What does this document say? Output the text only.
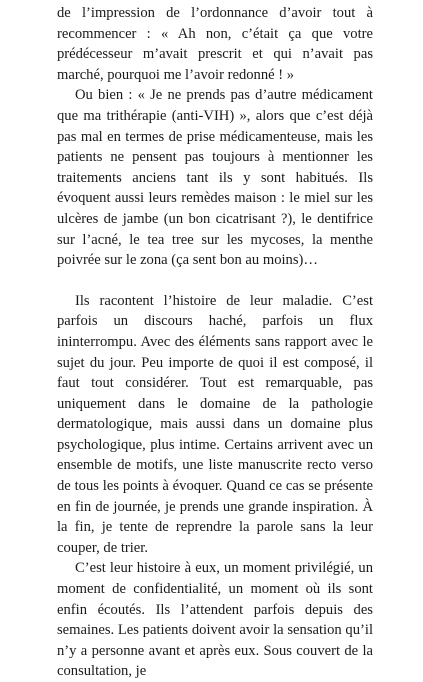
de l’impression de l’ordonnance d’avoir tout à recommencer : « Ah non, c’était ça que votre prédécesseur m’avait prescrit et qui n’avait pas marché, pourquoi me l’avoir redonné ! »

Ou bien : « Je ne prends pas d’autre médicament que ma trithérapie (anti-VIH) », alors que c’est déjà pas mal en termes de prise médicamenteuse, mais les patients ne pensent pas toujours à mentionner les traitements anciens tant ils y sont habitués. Ils évoquent aussi leurs remèdes maison : le miel sur les ulcères de jambe (un bon cicatrisant ?), le dentifrice sur l’acné, le tea tree sur les mycoses, la menthe poivrée sur le zona (ça sent bon au moins)…

Ils racontent l’histoire de leur maladie. C’est parfois un discours haché, parfois un flux ininterrompu. Avec des éléments sans rapport avec le sujet du jour. Peu importe de quoi il est composé, il faut tout considérer. Tout est remarquable, pas uniquement dans le domaine de la pathologie dermatologique, mais aussi dans un domaine plus psychologique, plus intime. Certains arrivent avec un ensemble de motifs, une liste manuscrite recto verso de tous les points à évoquer. Quand ce cas se présente en fin de journée, je prends une grande inspiration. À la fin, je tente de reprendre la parole sans la leur couper, de trier.

C’est leur histoire à eux, un moment privilégié, un moment de confidentialité, un moment où ils sont enfin écoutés. Ils l’attendent parfois depuis des semaines. Les patients doivent avoir la sensation qu’il n’y a personne avant et après eux. Sous couvert de la consultation, je
